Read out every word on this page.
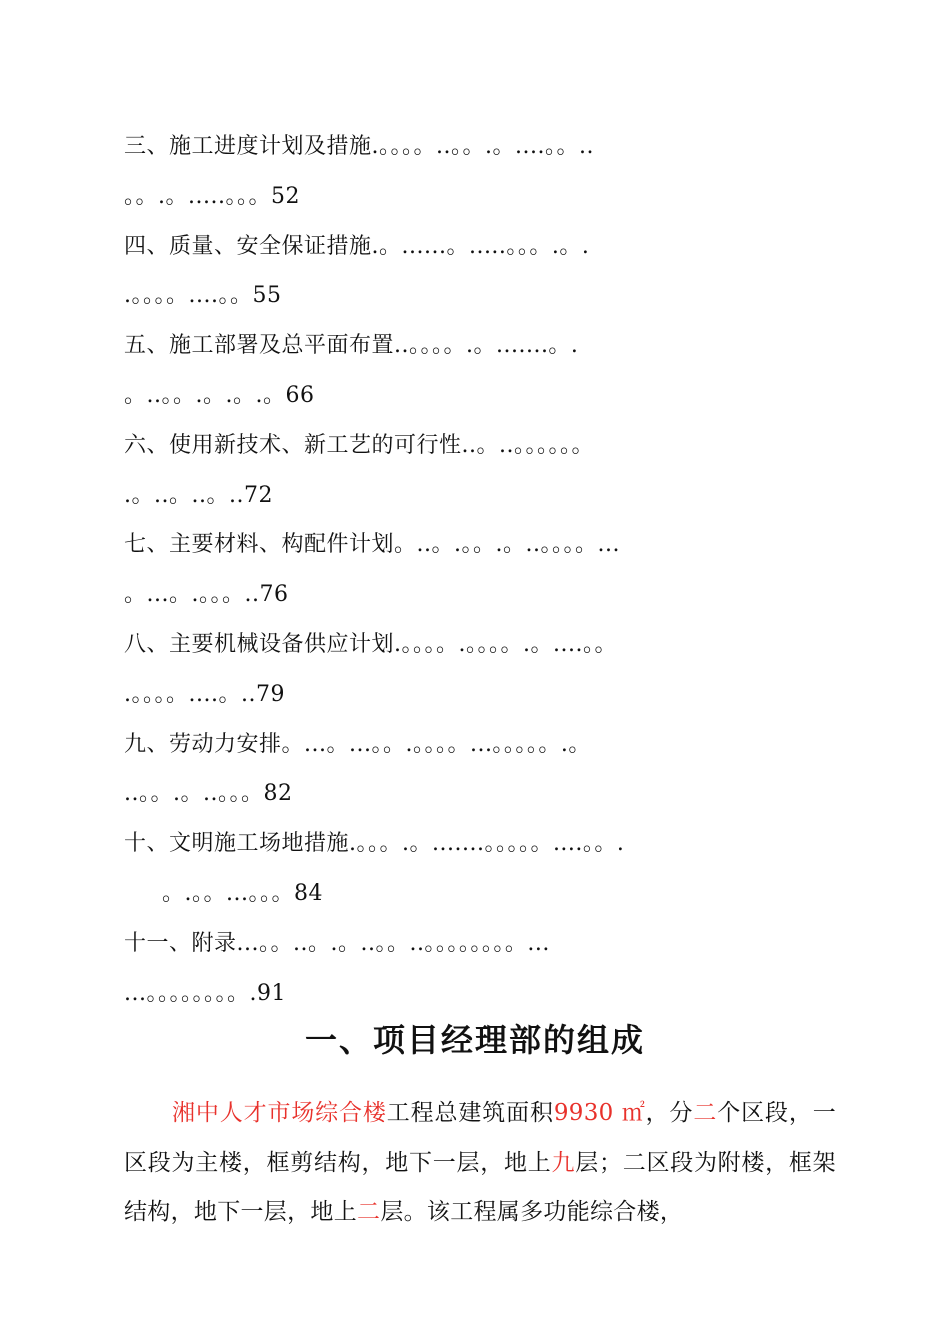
三、施工进度计划及措施.。。。。..。。.。....。。..
。。.。.....。。。52
四、质量、安全保证措施.。......。.....。。。.。.
.。。。。....。。55
五、施工部署及总平面布置..。。。。.。.......。.
。..。。.。.。.。66
六、使用新技术、新工艺的可行性..。..。。。。。。
.。..。..。..72
七、主要材料、构配件计划。..。.。。.。..。。。。...
。...。.。。。..76
八、主要机械设备供应计划.。。。。.。。。。.。....。。
.。。。。....。..79
九、劳动力安排。...。...。。.。。。。...。。。。。.。
..。。.。..。。。82
十、文明施工场地措施.。。。.。.......。。。。。....。。.
。.。。...。。。84
十一、附录...。。..。.。..。。..。。。。。。。。...
...。。。。。。。。.91
一、项目经理部的组成

湘中人才市场综合楼工程总建筑面积9930 ㎡，分二个区段，一区段为主楼，框剪结构，地下一层，地上九层；二区段为附楼，框架结构，地下一层，地上二层。该工程属多功能综合楼，
